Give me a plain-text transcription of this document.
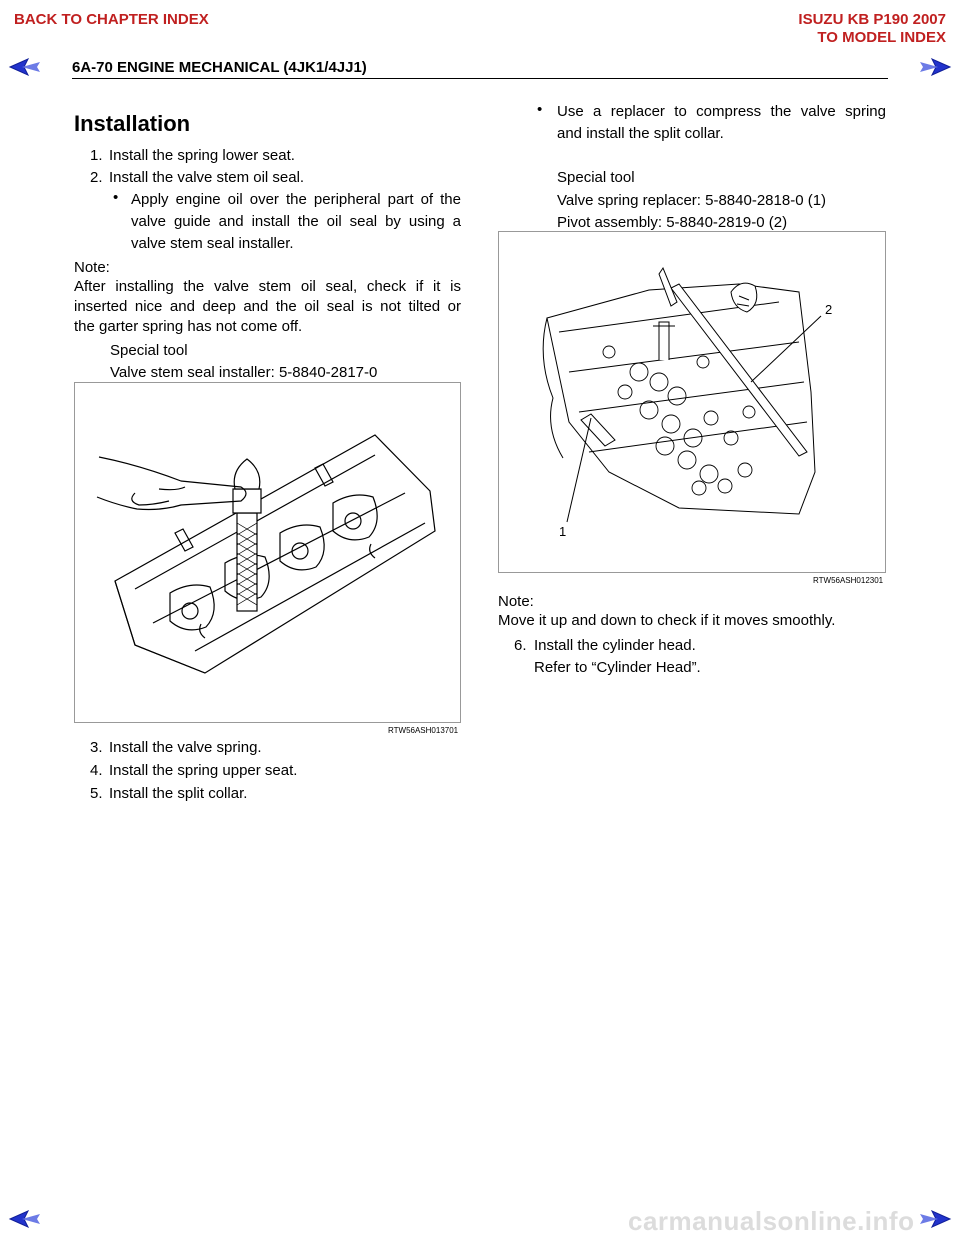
BACK TO CHAPTER INDEX	ISUZU KB P190 2007
TO MODEL INDEX
6A-70 ENGINE MECHANICAL (4JK1/4JJ1)
Installation
1. Install the spring lower seat.
2. Install the valve stem oil seal.
• Apply engine oil over the peripheral part of the
valve guide and install the oil seal by using a
valve stem seal installer.
Note:
After installing the valve stem oil seal, check if it is
inserted nice and deep and the oil seal is not tilted or
the garter spring has not come off.
Special tool
Valve stem seal installer: 5-8840-2817-0
RTW56ASH013701
3. Install the valve spring.
4. Install the spring upper seat.
5. Install the split collar.
• Use a replacer to compress the valve spring
and install the split collar.
Special tool
Valve spring replacer: 5-8840-2818-0 (1)
Pivot assembly: 5-8840-2819-0 (2)
2
1
RTW56ASH012301
Note:
Move it up and down to check if it moves smoothly.
6. Install the cylinder head.
Refer to “Cylinder Head”.
carmanualsonline.info
